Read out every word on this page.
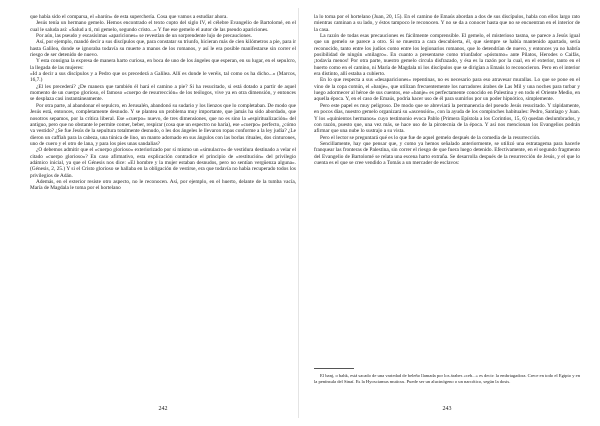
que había sido el comparsa, el «barón» de esta superchería. Cosa que vamos a estudiar ahora.

Jesús tenía un hermano gemelo. Hemos encontrado el texto copto del siglo IV, el célebre Evangelio de Bartolomé, en el cual le saluda así: «Salud a ti, mi gemelo, segundo cristo...» Y fue ese gemelo el autor de las pseudo apariciones.

Por aún, las pseudo y escasísimas «apariciones» se revestían de un sorprendente lujo de precauciones.

Así, por ejemplo, mandó decir a sus discípulos que, para constatar su triunfo, hicieran más de cien kilómetros a pie, para ir hasta Galilea, donde se ignoraba todavía su muerte a manos de los romanos, y así le era posible manifestarse sin correr el riesgo de ser detenido de nuevo.

Y esta consigna la expresa de manera harto curiosa, en boca de uno de los ángeles que esperan, en su lugar, en el sepulcro, la llegada de las mujeres:

«Id a decir a sus discípulos y a Pedro que os precederá a Galilea. Allí es donde le veréis, tal como os ha dicho...» (Marcos, 16,7.)

¿El les precederá? ¿De manera que también él hará el camino a pie? Si ha resucitado, si está dotado a partir de aquel momento de un cuerpo glorioso, el famoso «cuerpo de resurrección» de los teólogos, vive ya en otra dimensión, y entonces se desplaza casi instantáneamente.

Por otra parte, al abandonar el sepulcro, en Jerusalén, abandonó su sudario y los lienzos que lo completaban. De modo que Jesús está, entonces, completamente desnudo. Y se plantea un problema muy importante, que jamás ha sido abordado, que nosotros sepamos, por la crítica liberal. Ese «cuerpo» nuevo, de tres dimensiones, que no es sino la «espiritualización» del antiguo, pero que no obstante le permite comer, beber, respirar (cosa que un espectro no haría), ese «cuerpo» perfecto, ¿cómo va vestido? ¿Se fue Jesús de la sepultura totalmente desnudo, o les dos ángeles le llevaron ropas conforme a la ley judía? ¿Le dieron un caffiah para la cabeza, una túnica de lino, un manto adornado en sus ángulos con las borlas rituales, dos cinturones, uno de cuero y el otro de lana, y para los pies unas sandalias?

¿O debemos admitir que el «cuerpo glorioso» exteriorizado por sí mismo un «simulacro» de vestidura destinado a velar el citado «cuerpo glorioso»? En caso afirmativo, esta explicación contradice el principio de «restitución» del privilegio adámico inicial, ya que el Génesis nos dice: «El hombre y la mujer estaban desnudos, pero no sentían vergüenza alguna». (Génesis, 2, 25.) Y si el Cristo glorioso se hallaba en la obligación de vestirse, era que todavía no había recuperado todos los privilegios de Adán.

Además, en el exterior resiste otro aspecto, no le reconocen. Así, por ejemplo, en el huerto, delante de la tumba vacía, María de Magdala le toma por el hortelano

242

la lo toma por el hortelano (Juan, 20, 15). En el camino de Emaús abordan a dos de sus discípulos, habla con ellos largo rato mientras caminan a su lado, y éstos tampoco le reconocen. Y no se da a conocer hasta que no se encuentran en el interior de la casa.

La razón de todas esas precauciones es fácilmente comprensible. El gemelo, el misterioso tasma, se parece a Jesús igual que un gemelo se parece a otro. Si se muestra a cara descubierta, él, que siempre se había mantenido apartado, sería reconocido, tanto entre los judíos como entre los legionarios romanos, que lo detendrían de nuevo, y entonces ya no habría posibilidad de ningún «milagro». En cuanto a presentarse como triunfador «póstumo» ante Pilatos, Herodes o Caifás, ¡todavía menos! Por otra parte, nuestro gemelo circula disfrazado, y ésa es la razón por la cual, en el exterior, tanto en el huerto como en el camino, ni María de Magdala ni los discípulos que se dirigían a Emaús lo reconocieron. Pero en el interior era distinto, allí estaba a cubierto.

En lo que respecta a sus «desapariciones» repentinas, no es necesario para eso atravesar murallas. Lo que se pone en el vino de la copa común, el «banje», que utilizan frecuentemente los narradores árabes de Las Mil y una noches para turbar y luego adormecer al héroe de sus cuentos, ese «banje» es perfectamente conocido en Palestina y en todo el Oriente Medio, en aquella época. Y, en el caso de Emaús, podría hacer uso de él para sumirlos por un poder hipnótico, simplemente.

Pero este papel es muy peligroso. De modo que se abreviará la permanencia del pseudo Jesús resucitado. Y rápidamente, en pocos días, nuestro gemelo organizará su «ascensión», con la ayuda de los compinches habituales: Pedro, Santiago y Juan. Y los «quinientos hermanos» cuyo testimonio evoca Pablo (Primera Epístola a los Corintios, 15, 6) quedan deslumbrados, y con razón, puesto que, una vez más, se hace uso de la pirotecnia de la época. Y así nos mencionan los Evangelios podrán afirmar que una nube lo sustrajo a su vista.

Pero el lector se preguntará qué es lo que fue de aquel gemelo después de la comedia de la resurrección.

Sencillamente, hay que pensar que, y como ya hemos señalado anteriormente, se utilizó una estratagema para hacerle franquear las fronteras de Palestina, sin correr el riesgo de que fuera luego detenido. Efectivamente, en el segundo fragmento del Evangelio de Bartolomé se relata una escena harto extraña. Se desarrolla después de la resurrección de Jesús, y el que lo cuenta es el que se cree vendido a Tomás a un mercader de esclavos:

El banj, o bahk, está sacado de una variedad de beleño llamada por los árabes «ceb...» es decir: la embriagadora. Crece en todo el Egipto y en la península del Sinaí. Es la Hyosciamus muticus. Puede ser un alucinógeno o un narcótico, según la dosis.

243
